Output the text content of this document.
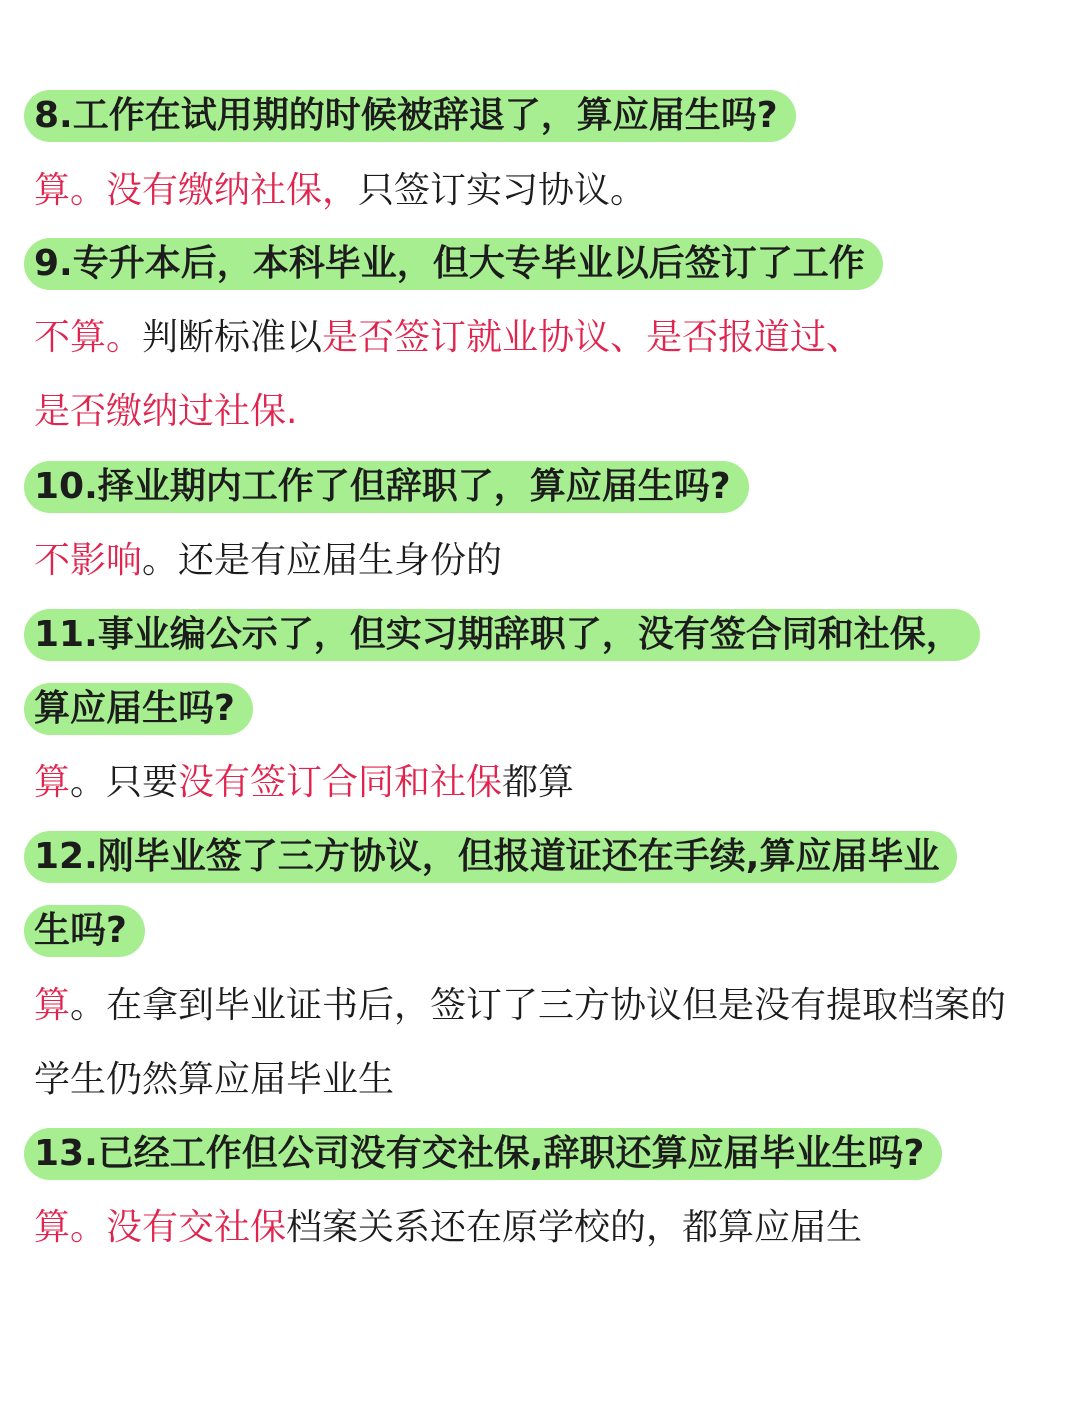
8.工作在试用期的时候被辞退了，算应届生吗?
算。没有缴纳社保，只签订实习协议。
9.专升本后，本科毕业，但大专毕业以后签订了工作
不算。判断标准以是否签订就业协议、是否报道过、
是否缴纳过社保.
10.择业期内工作了但辞职了，算应届生吗?
不影响。还是有应届生身份的
11.事业编公示了，但实习期辞职了，没有签合同和社保，
算应届生吗?
算。只要没有签订合同和社保都算
12.刚毕业签了三方协议，但报道证还在手续,算应届毕业
生吗?
算。在拿到毕业证书后，签订了三方协议但是没有提取档案的
学生仍然算应届毕业生
13.已经工作但公司没有交社保,辞职还算应届毕业生吗?
算。没有交社保档案关系还在原学校的，都算应届生
